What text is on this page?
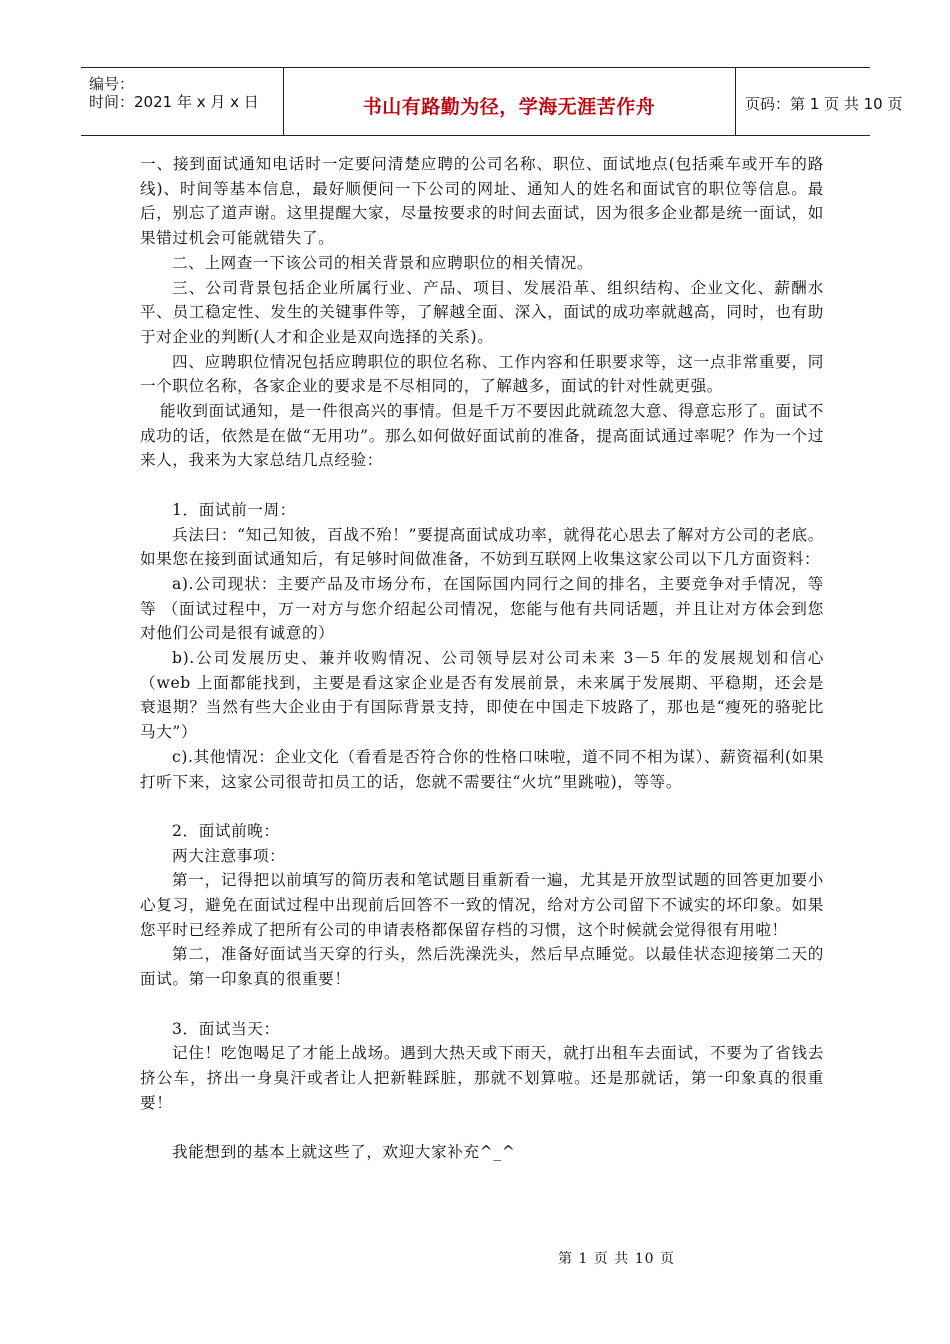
编号：
时间：2021 年 x 月 x 日	书山有路勤为径，学海无涯苦作舟	页码：第 1 页 共 10 页

一、接到面试通知电话时一定要问清楚应聘的公司名称、职位、面试地点(包括乘车或开车的路线)、时间等基本信息，最好顺便问一下公司的网址、通知人的姓名和面试官的职位等信息。最后，别忘了道声谢。这里提醒大家，尽量按要求的时间去面试，因为很多企业都是统一面试，如果错过机会可能就错失了。

二、上网查一下该公司的相关背景和应聘职位的相关情况。

三、公司背景包括企业所属行业、产品、项目、发展沿革、组织结构、企业文化、薪酬水平、员工稳定性、发生的关键事件等，了解越全面、深入，面试的成功率就越高，同时，也有助于对企业的判断(人才和企业是双向选择的关系)。

四、应聘职位情况包括应聘职位的职位名称、工作内容和任职要求等，这一点非常重要，同一个职位名称，各家企业的要求是不尽相同的，了解越多，面试的针对性就更强。

能收到面试通知，是一件很高兴的事情。但是千万不要因此就疏忽大意、得意忘形了。面试不成功的话，依然是在做“无用功”。那么如何做好面试前的准备，提高面试通过率呢？作为一个过来人，我来为大家总结几点经验：

1．面试前一周：

兵法曰：“知己知彼，百战不殆！”要提高面试成功率，就得花心思去了解对方公司的老底。如果您在接到面试通知后，有足够时间做准备，不妨到互联网上收集这家公司以下几方面资料：

a).公司现状：主要产品及市场分布，在国际国内同行之间的排名，主要竞争对手情况，等等 （面试过程中，万一对方与您介绍起公司情况，您能与他有共同话题，并且让对方体会到您对他们公司是很有诚意的）

b).公司发展历史、兼并收购情况、公司领导层对公司未来 3－5 年的发展规划和信心（web 上面都能找到，主要是看这家企业是否有发展前景，未来属于发展期、平稳期，还会是衰退期？当然有些大企业由于有国际背景支持，即使在中国走下坡路了，那也是“瘦死的骆驼比马大”）

c).其他情况：企业文化（看看是否符合你的性格口味啦，道不同不相为谋）、薪资福利(如果打听下来，这家公司很苛扣员工的话，您就不需要往“火坑”里跳啦)，等等。

2．面试前晚：

两大注意事项：

第一，记得把以前填写的简历表和笔试题目重新看一遍，尤其是开放型试题的回答更加要小心复习，避免在面试过程中出现前后回答不一致的情况，给对方公司留下不诚实的坏印象。如果您平时已经养成了把所有公司的申请表格都保留存档的习惯，这个时候就会觉得很有用啦！

第二，准备好面试当天穿的行头，然后洗澡洗头，然后早点睡觉。以最佳状态迎接第二天的面试。第一印象真的很重要！

3．面试当天：

记住！吃饱喝足了才能上战场。遇到大热天或下雨天，就打出租车去面试，不要为了省钱去挤公车，挤出一身臭汗或者让人把新鞋踩脏，那就不划算啦。还是那就话，第一印象真的很重要！

我能想到的基本上就这些了，欢迎大家补充^_^

第 1 页 共 10 页
